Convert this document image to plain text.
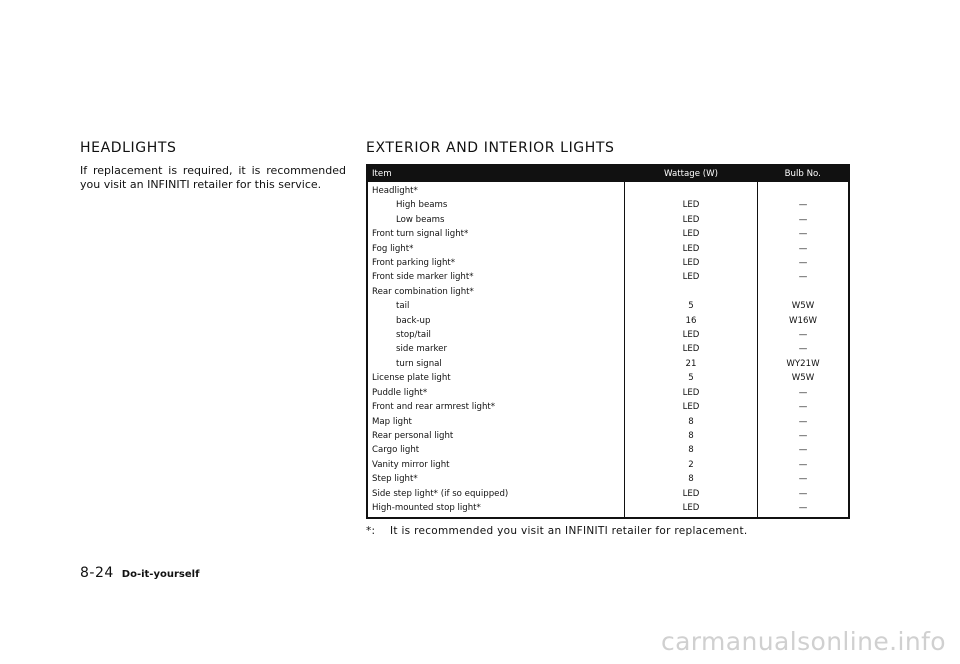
HEADLIGHTS

If replacement is required, it is recommended you visit an INFINITI retailer for this service.

EXTERIOR AND INTERIOR LIGHTS
Item	Wattage (W)	Bulb No.
Headlight*		
High beams	LED	—
Low beams	LED	—
Front turn signal light*	LED	—
Fog light*	LED	—
Front parking light*	LED	—
Front side marker light*	LED	—
Rear combination light*		
tail	5	W5W
back-up	16	W16W
stop/tail	LED	—
side marker	LED	—
turn signal	21	WY21W
License plate light	5	W5W
Puddle light*	LED	—
Front and rear armrest light*	LED	—
Map light	8	—
Rear personal light	8	—
Cargo light	8	—
Vanity mirror light	2	—
Step light*	8	—
Side step light* (if so equipped)	LED	—
High-mounted stop light*	LED	—
*: It is recommended you visit an INFINITI retailer for replacement.
8-24 Do-it-yourself
carmanualsonline.info
